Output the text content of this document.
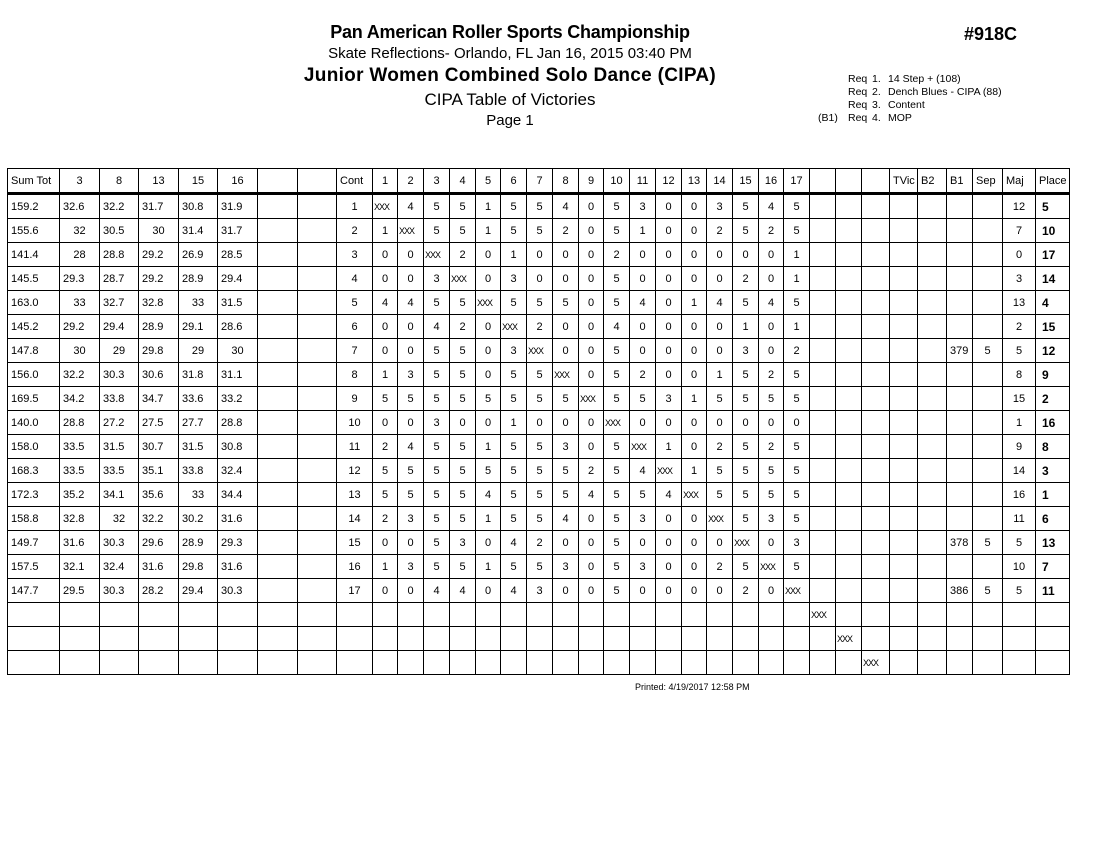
Pan American Roller Sports Championship
Skate Reflections- Orlando, FL Jan 16, 2015 03:40 PM
Junior Women Combined Solo Dance (CIPA)
CIPA Table of Victories
Page 1
#918C
Req 1. 14 Step + (108)
Req 2. Dench Blues - CIPA (88)
Req 3. Content
(B1) Req 4. MOP
Sum Tot	3	8	13	15	16			Cont	1	2	3	4	5	6	7	8	9	10	11	12	13	14	15	16	17				TVic	B2	B1	Sep	Maj	Place	
159.2	32.6	32.2	31.7	30.8	31.9			1	XXX	4	5	5	1	5	5	4	0	5	3	0	0	3	5	4	5								12	5	
155.6	32	30.5	30	31.4	31.7			2	1	XXX	5	5	1	5	5	2	0	5	1	0	0	2	5	2	5								7	10	
141.4	28	28.8	29.2	26.9	28.5			3	0	0	XXX	2	0	1	0	0	0	2	0	0	0	0	0	0	1								0	17	
145.5	29.3	28.7	29.2	28.9	29.4			4	0	0	3	XXX	0	3	0	0	0	5	0	0	0	0	2	0	1								3	14	
163.0	33	32.7	32.8	33	31.5			5	4	4	5	5	XXX	5	5	5	0	5	4	0	1	4	5	4	5								13	4	
145.2	29.2	29.4	28.9	29.1	28.6			6	0	0	4	2	0	XXX	2	0	0	4	0	0	0	0	1	0	1								2	15	
147.8	30	29	29.8	29	30			7	0	0	5	5	0	3	XXX	0	0	5	0	0	0	0	3	0	2						379	5	5	12	
156.0	32.2	30.3	30.6	31.8	31.1			8	1	3	5	5	0	5	5	XXX	0	5	2	0	0	1	5	2	5								8	9	
169.5	34.2	33.8	34.7	33.6	33.2			9	5	5	5	5	5	5	5	5	XXX	5	5	3	1	5	5	5	5								15	2	
140.0	28.8	27.2	27.5	27.7	28.8			10	0	0	3	0	0	1	0	0	0	XXX	0	0	0	0	0	0	0								1	16	
158.0	33.5	31.5	30.7	31.5	30.8			11	2	4	5	5	1	5	5	3	0	5	XXX	1	0	2	5	2	5								9	8	
168.3	33.5	33.5	35.1	33.8	32.4			12	5	5	5	5	5	5	5	5	2	5	4	XXX	1	5	5	5	5								14	3	
172.3	35.2	34.1	35.6	33	34.4			13	5	5	5	5	4	5	5	5	4	5	5	4	XXX	5	5	5	5								16	1	
158.8	32.8	32	32.2	30.2	31.6			14	2	3	5	5	1	5	5	4	0	5	3	0	0	XXX	5	3	5								11	6	
149.7	31.6	30.3	29.6	28.9	29.3			15	0	0	5	3	0	4	2	0	0	5	0	0	0	0	XXX	0	3						378	5	5	13	
157.5	32.1	32.4	31.6	29.8	31.6			16	1	3	5	5	1	5	5	3	0	5	3	0	0	2	5	XXX	5								10	7	
147.7	29.5	30.3	28.2	29.4	30.3			17	0	0	4	4	0	4	3	0	0	5	0	0	0	0	2	0	XXX						386	5	5	11	
																										XXX									
																											XXX								
																												XXX							
Printed: 4/19/2017 12:58 PM
